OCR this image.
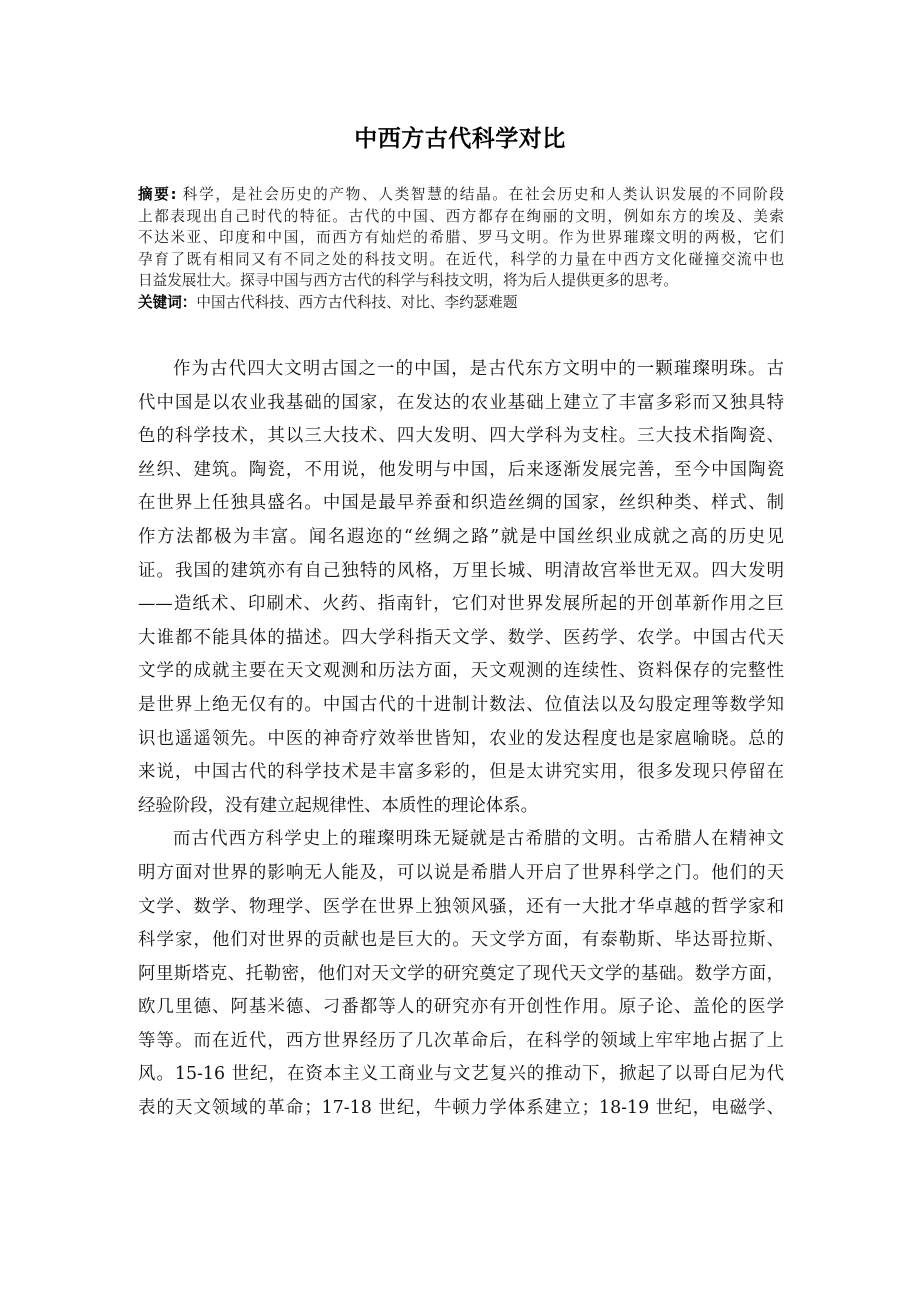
中西方古代科学对比
摘要: 科学，是社会历史的产物、人类智慧的结晶。在社会历史和人类认识发展的不同阶段
上都表现出自己时代的特征。古代的中国、西方都存在绚丽的文明，例如东方的埃及、美索
不达米亚、印度和中国，而西方有灿烂的希腊、罗马文明。作为世界璀璨文明的两极，它们
孕育了既有相同又有不同之处的科技文明。在近代，科学的力量在中西方文化碰撞交流中也
日益发展壮大。探寻中国与西方古代的科学与科技文明，将为后人提供更多的思考。
关键词：中国古代科技、西方古代科技、对比、李约瑟难题

作为古代四大文明古国之一的中国，是古代东方文明中的一颗璀璨明珠。古
代中国是以农业我基础的国家，在发达的农业基础上建立了丰富多彩而又独具特
色的科学技术，其以三大技术、四大发明、四大学科为支柱。三大技术指陶瓷、
丝织、建筑。陶瓷，不用说，他发明与中国，后来逐渐发展完善，至今中国陶瓷
在世界上任独具盛名。中国是最早养蚕和织造丝绸的国家，丝织种类、样式、制
作方法都极为丰富。闻名遐迩的“丝绸之路”就是中国丝织业成就之高的历史见
证。我国的建筑亦有自己独特的风格，万里长城、明清故宫举世无双。四大发明
——造纸术、印刷术、火药、指南针，它们对世界发展所起的开创革新作用之巨
大谁都不能具体的描述。四大学科指天文学、数学、医药学、农学。中国古代天
文学的成就主要在天文观测和历法方面，天文观测的连续性、资料保存的完整性
是世界上绝无仅有的。中国古代的十进制计数法、位值法以及勾股定理等数学知
识也遥遥领先。中医的神奇疗效举世皆知，农业的发达程度也是家扈喻晓。总的
来说，中国古代的科学技术是丰富多彩的，但是太讲究实用，很多发现只停留在
经验阶段，没有建立起规律性、本质性的理论体系。

而古代西方科学史上的璀璨明珠无疑就是古希腊的文明。古希腊人在精神文
明方面对世界的影响无人能及，可以说是希腊人开启了世界科学之门。他们的天
文学、数学、物理学、医学在世界上独领风骚，还有一大批才华卓越的哲学家和
科学家，他们对世界的贡献也是巨大的。天文学方面，有泰勒斯、毕达哥拉斯、
阿里斯塔克、托勒密，他们对天文学的研究奠定了现代天文学的基础。数学方面，
欧几里德、阿基米德、刁番都等人的研究亦有开创性作用。原子论、盖伦的医学
等等。而在近代，西方世界经历了几次革命后，在科学的领域上牢牢地占据了上
风。15-16 世纪，在资本主义工商业与文艺复兴的推动下，掀起了以哥白尼为代
表的天文领域的革命；17-18 世纪，牛顿力学体系建立；18-19 世纪，电磁学、
